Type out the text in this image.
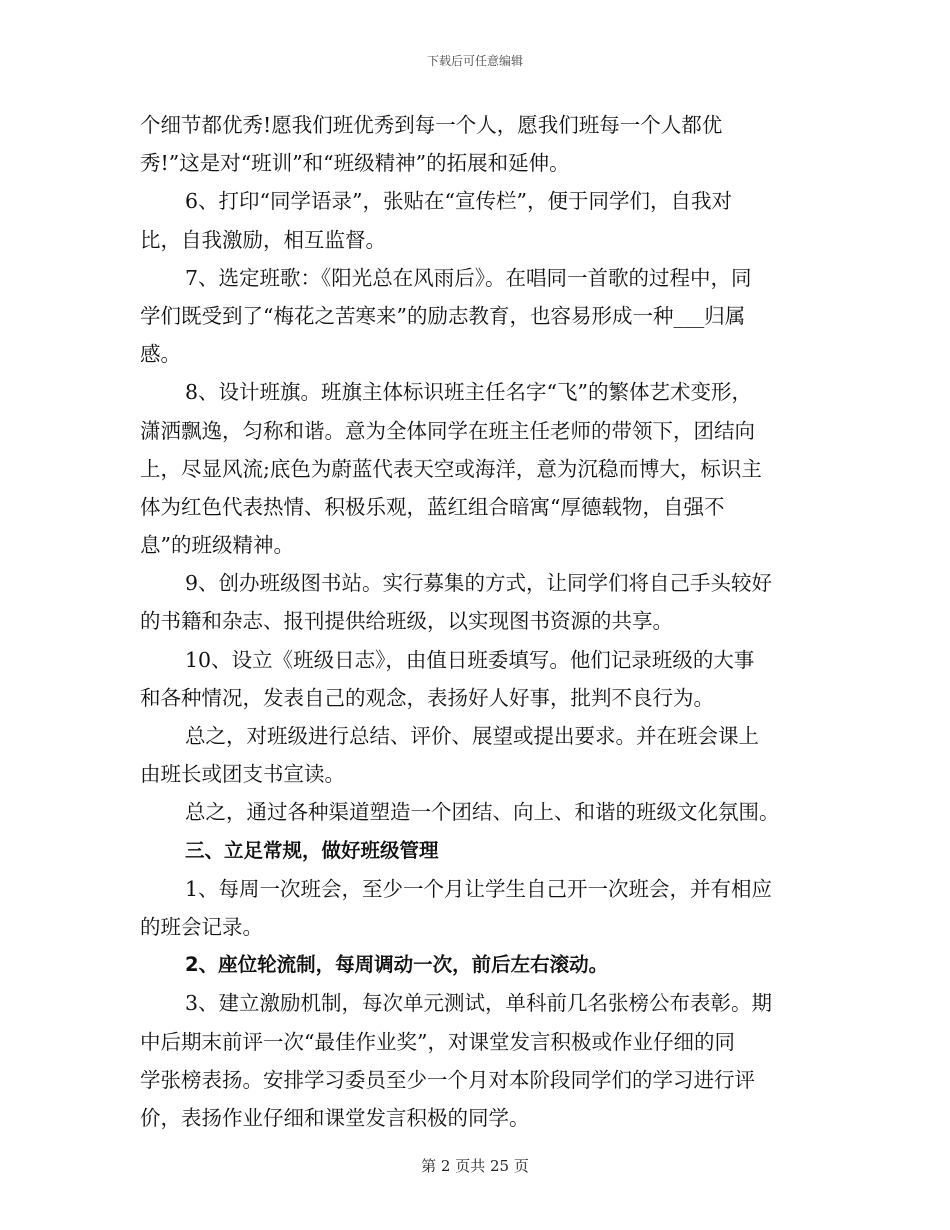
下载后可任意编辑
个细节都优秀!愿我们班优秀到每一个人，愿我们班每一个人都优
秀!”这是对“班训”和“班级精神”的拓展和延伸。
6、打印“同学语录”，张贴在“宣传栏”，便于同学们，自我对
比，自我激励，相互监督。
7、选定班歌：《阳光总在风雨后》。在唱同一首歌的过程中，同
学们既受到了“梅花之苦寒来”的励志教育，也容易形成一种___归属
感。
8、设计班旗。班旗主体标识班主任名字“飞”的繁体艺术变形，
潇洒飘逸，匀称和谐。意为全体同学在班主任老师的带领下，团结向
上，尽显风流;底色为蔚蓝代表天空或海洋，意为沉稳而博大，标识主
体为红色代表热情、积极乐观，蓝红组合暗寓“厚德载物，自强不
息”的班级精神。
9、创办班级图书站。实行募集的方式，让同学们将自己手头较好
的书籍和杂志、报刊提供给班级，以实现图书资源的共享。
10、设立《班级日志》，由值日班委填写。他们记录班级的大事
和各种情况，发表自己的观念，表扬好人好事，批判不良行为。
总之，对班级进行总结、评价、展望或提出要求。并在班会课上
由班长或团支书宣读。
总之，通过各种渠道塑造一个团结、向上、和谐的班级文化氛围。
三、立足常规，做好班级管理
1、每周一次班会，至少一个月让学生自己开一次班会，并有相应
的班会记录。
2、座位轮流制，每周调动一次，前后左右滚动。
3、建立激励机制，每次单元测试，单科前几名张榜公布表彰。期
中后期末前评一次“最佳作业奖”，对课堂发言积极或作业仔细的同
学张榜表扬。安排学习委员至少一个月对本阶段同学们的学习进行评
价，表扬作业仔细和课堂发言积极的同学。
第 2 页共 25 页
